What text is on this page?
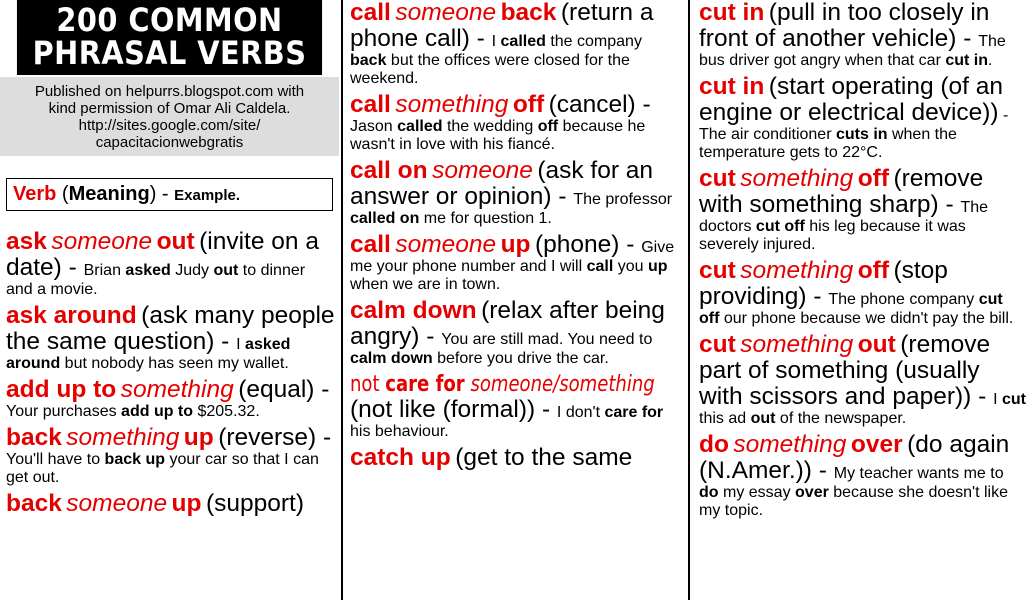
200 COMMON
PHRASAL VERBS
Published on helpurrs.blogspot.com with
kind permission of Omar Ali Caldela.
http://sites.google.com/site/
capacitacionwebgratis
Verb (Meaning) - Example.
ask someone out (invite on a date) - Brian asked Judy out to dinner and a movie.
ask around (ask many people the same question) - I asked around but nobody has seen my wallet.
add up to something (equal) - Your purchases add up to $205.32.
back something up (reverse) - You'll have to back up your car so that I can get out.
back someone up (support)
call someone back (return a phone call) - I called the company back but the offices were closed for the weekend.
call something off (cancel) - Jason called the wedding off because he wasn't in love with his fiancé.
call on someone (ask for an answer or opinion) - The professor called on me for question 1.
call someone up (phone) - Give me your phone number and I will call you up when we are in town.
calm down (relax after being angry) - You are still mad. You need to calm down before you drive the car.
not care for someone/something (not like (formal)) - I don't care for his behaviour.
catch up (get to the same
cut in (pull in too closely in front of another vehicle) - The bus driver got angry when that car cut in.
cut in (start operating (of an engine or electrical device)) - The air conditioner cuts in when the temperature gets to 22°C.
cut something off (remove with something sharp) - The doctors cut off his leg because it was severely injured.
cut something off (stop providing) - The phone company cut off our phone because we didn't pay the bill.
cut something out (remove part of something (usually with scissors and paper)) - I cut this ad out of the newspaper.
do something over (do again (N.Amer.)) - My teacher wants me to do my essay over because she doesn't like my topic.
